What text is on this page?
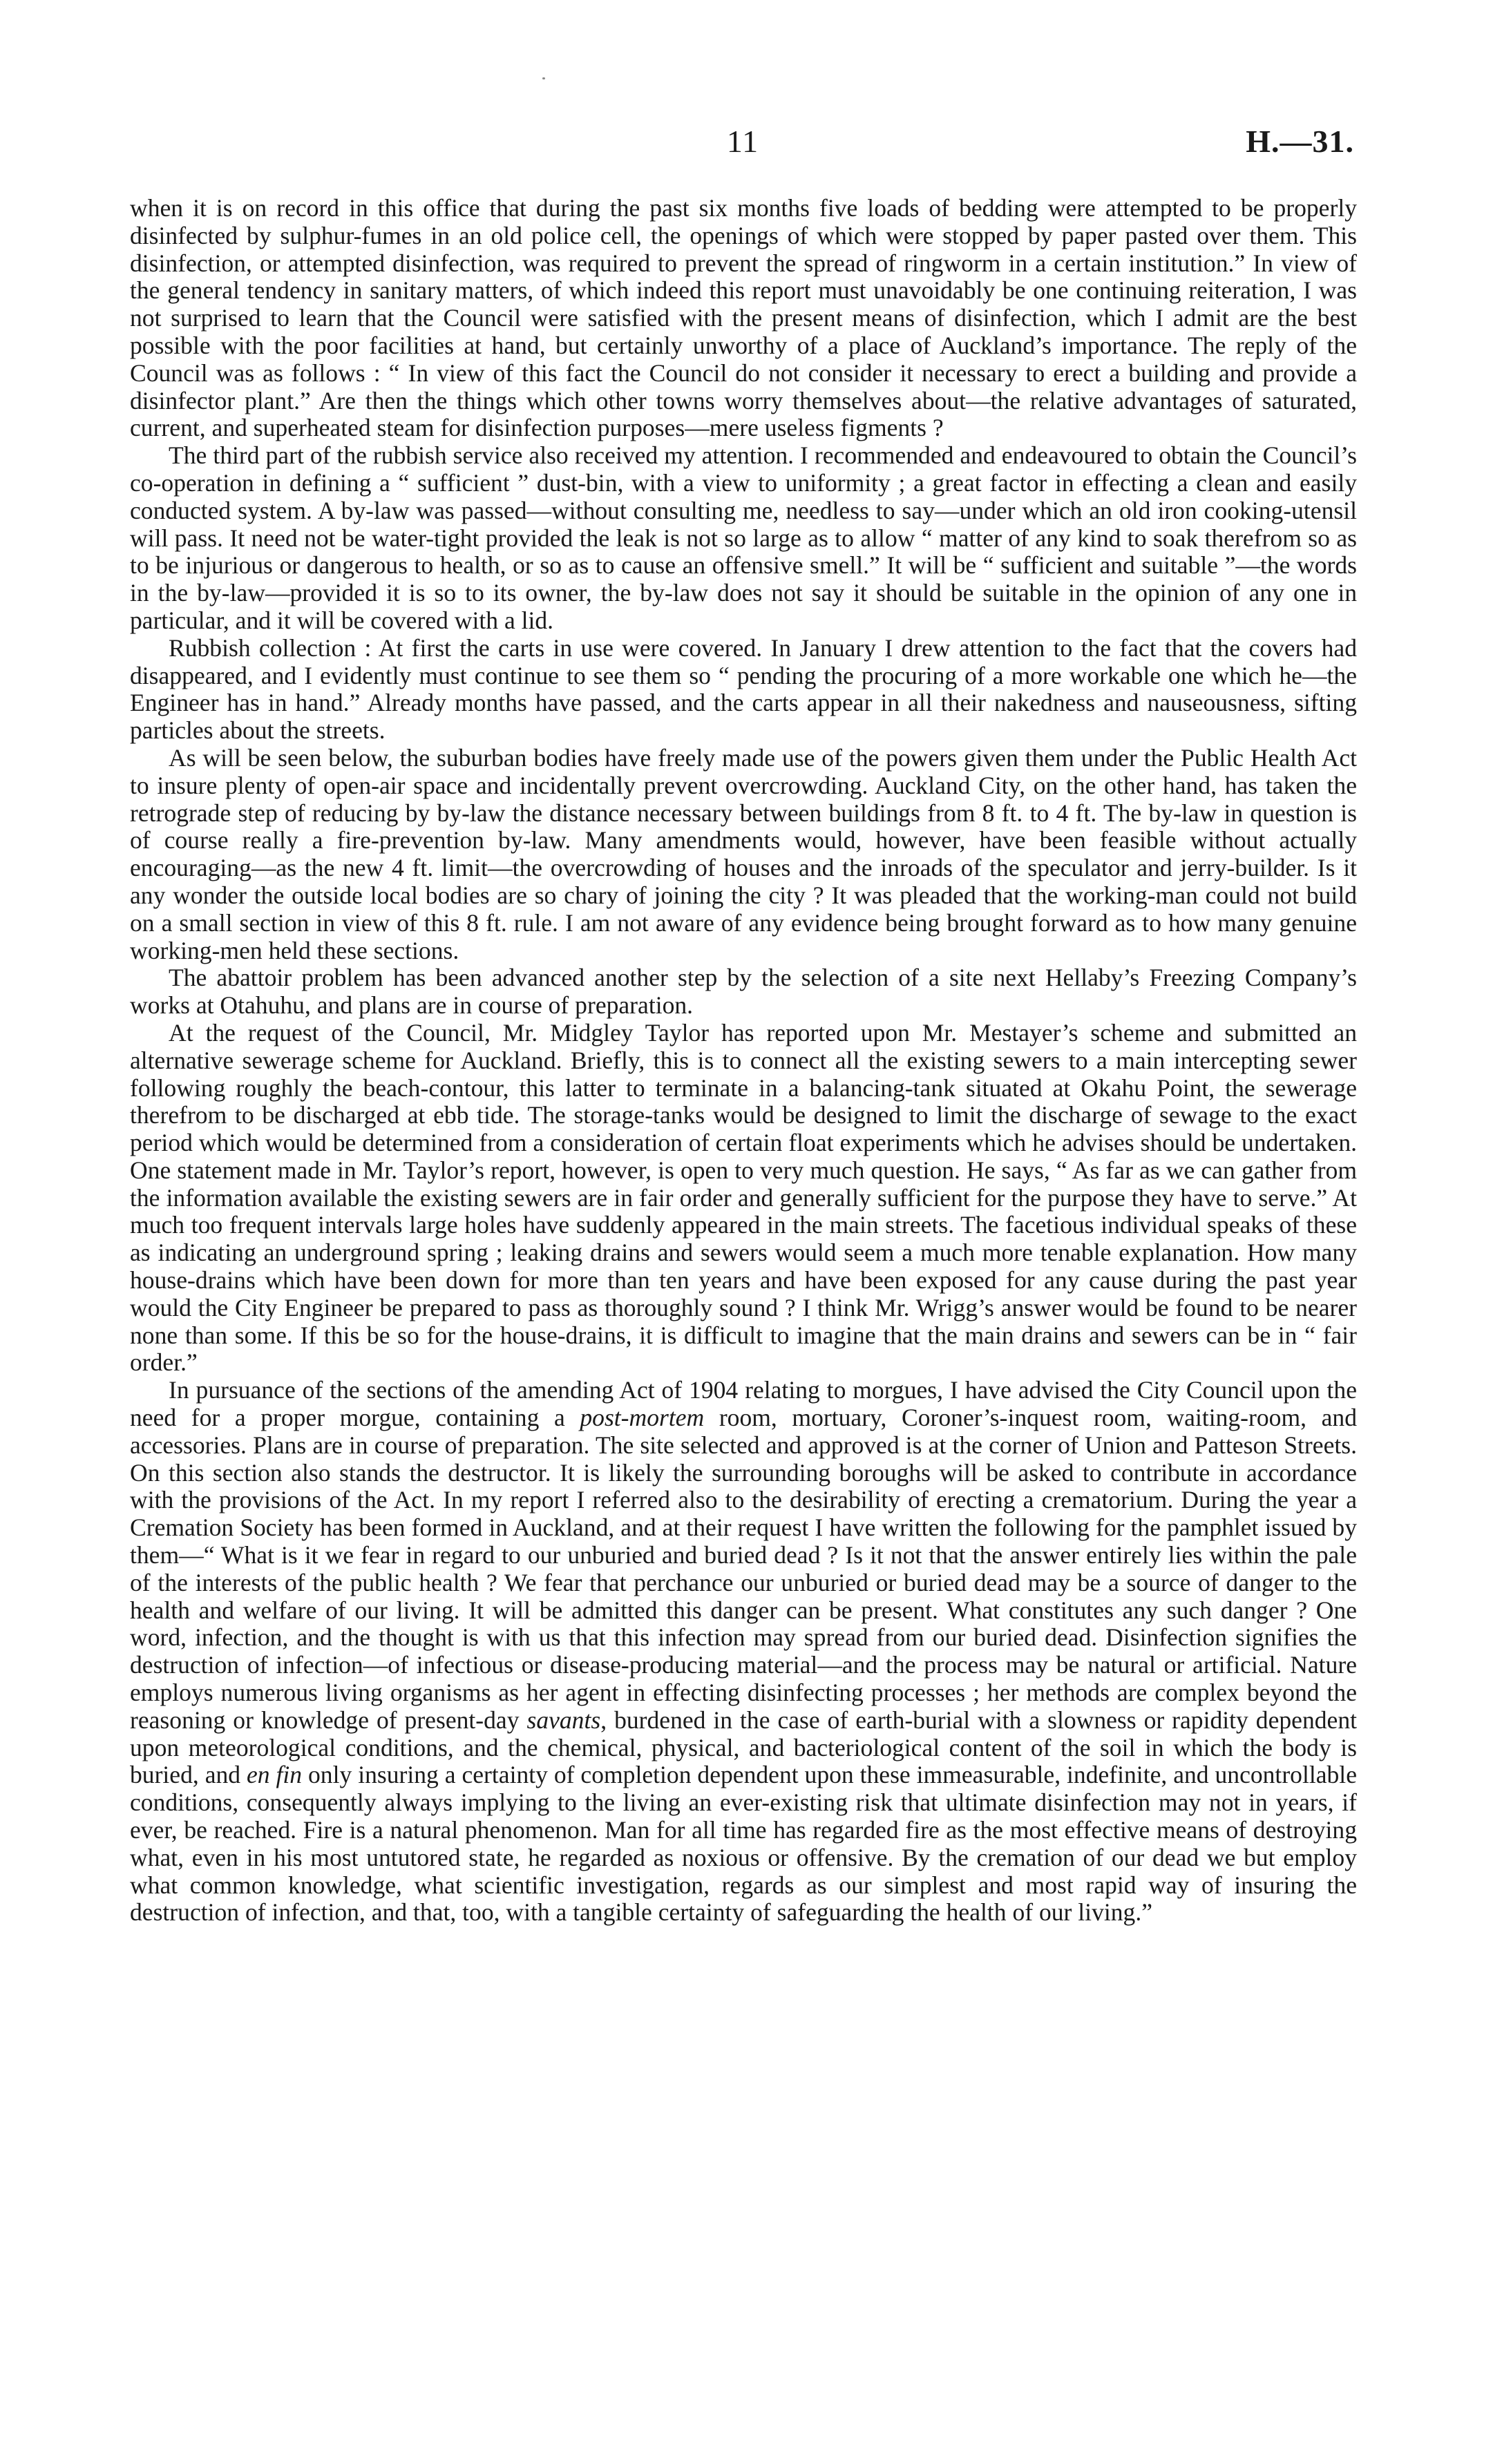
11	H.—31.

when it is on record in this office that during the past six months five loads of bedding were attempted to be properly disinfected by sulphur-fumes in an old police cell, the openings of which were stopped by paper pasted over them. This disinfection, or attempted disinfection, was required to prevent the spread of ringworm in a certain institution.” In view of the general tendency in sanitary matters, of which indeed this report must unavoidably be one continuing reiteration, I was not surprised to learn that the Council were satisfied with the present means of disinfection, which I admit are the best possible with the poor facilities at hand, but certainly unworthy of a place of Auckland’s importance. The reply of the Council was as follows : “ In view of this fact the Council do not consider it necessary to erect a building and provide a disinfector plant.” Are then the things which other towns worry themselves about—the relative advantages of saturated, current, and superheated steam for disinfection purposes—mere useless figments ?

The third part of the rubbish service also received my attention. I recommended and endeavoured to obtain the Council’s co-operation in defining a “ sufficient ” dust-bin, with a view to uniformity ; a great factor in effecting a clean and easily conducted system. A by-law was passed—without consulting me, needless to say—under which an old iron cooking-utensil will pass. It need not be water-tight provided the leak is not so large as to allow “ matter of any kind to soak therefrom so as to be injurious or dangerous to health, or so as to cause an offensive smell.” It will be “ sufficient and suitable ”—the words in the by-law—provided it is so to its owner, the by-law does not say it should be suitable in the opinion of any one in particular, and it will be covered with a lid.

Rubbish collection : At first the carts in use were covered. In January I drew attention to the fact that the covers had disappeared, and I evidently must continue to see them so “ pending the procuring of a more workable one which he—the Engineer has in hand.” Already months have passed, and the carts appear in all their nakedness and nauseousness, sifting particles about the streets.

As will be seen below, the suburban bodies have freely made use of the powers given them under the Public Health Act to insure plenty of open-air space and incidentally prevent overcrowding. Auckland City, on the other hand, has taken the retrograde step of reducing by by-law the distance necessary between buildings from 8 ft. to 4 ft. The by-law in question is of course really a fire-prevention by-law. Many amendments would, however, have been feasible without actually encouraging—as the new 4 ft. limit—the overcrowding of houses and the inroads of the speculator and jerry-builder. Is it any wonder the outside local bodies are so chary of joining the city ? It was pleaded that the working-man could not build on a small section in view of this 8 ft. rule. I am not aware of any evidence being brought forward as to how many genuine working-men held these sections.

The abattoir problem has been advanced another step by the selection of a site next Hellaby’s Freezing Company’s works at Otahuhu, and plans are in course of preparation.

At the request of the Council, Mr. Midgley Taylor has reported upon Mr. Mestayer’s scheme and submitted an alternative sewerage scheme for Auckland. Briefly, this is to connect all the existing sewers to a main intercepting sewer following roughly the beach-contour, this latter to terminate in a balancing-tank situated at Okahu Point, the sewerage therefrom to be discharged at ebb tide. The storage-tanks would be designed to limit the discharge of sewage to the exact period which would be determined from a consideration of certain float experiments which he advises should be undertaken. One statement made in Mr. Taylor’s report, however, is open to very much question. He says, “ As far as we can gather from the information available the existing sewers are in fair order and generally sufficient for the purpose they have to serve.” At much too frequent intervals large holes have suddenly appeared in the main streets. The facetious individual speaks of these as indicating an underground spring ; leaking drains and sewers would seem a much more tenable explanation. How many house-drains which have been down for more than ten years and have been exposed for any cause during the past year would the City Engineer be prepared to pass as thoroughly sound ? I think Mr. Wrigg’s answer would be found to be nearer none than some. If this be so for the house-drains, it is difficult to imagine that the main drains and sewers can be in “ fair order.”

In pursuance of the sections of the amending Act of 1904 relating to morgues, I have advised the City Council upon the need for a proper morgue, containing a post-mortem room, mortuary, Coroner’s-inquest room, waiting-room, and accessories. Plans are in course of preparation. The site selected and approved is at the corner of Union and Patteson Streets. On this section also stands the destructor. It is likely the surrounding boroughs will be asked to contribute in accordance with the provisions of the Act. In my report I referred also to the desirability of erecting a crematorium. During the year a Cremation Society has been formed in Auckland, and at their request I have written the following for the pamphlet issued by them—“ What is it we fear in regard to our unburied and buried dead ? Is it not that the answer entirely lies within the pale of the interests of the public health ? We fear that perchance our unburied or buried dead may be a source of danger to the health and welfare of our living. It will be admitted this danger can be present. What constitutes any such danger ? One word, infection, and the thought is with us that this infection may spread from our buried dead. Disinfection signifies the destruction of infection—of infectious or disease-producing material—and the process may be natural or artificial. Nature employs numerous living organisms as her agent in effecting disinfecting processes ; her methods are complex beyond the reasoning or knowledge of present-day savants, burdened in the case of earth-burial with a slowness or rapidity dependent upon meteorological conditions, and the chemical, physical, and bacteriological content of the soil in which the body is buried, and en fin only insuring a certainty of completion dependent upon these immeasurable, indefinite, and uncontrollable conditions, consequently always implying to the living an ever-existing risk that ultimate disinfection may not in years, if ever, be reached. Fire is a natural phenomenon. Man for all time has regarded fire as the most effective means of destroying what, even in his most untutored state, he regarded as noxious or offensive. By the cremation of our dead we but employ what common knowledge, what scientific investigation, regards as our simplest and most rapid way of insuring the destruction of infection, and that, too, with a tangible certainty of safeguarding the health of our living.”
